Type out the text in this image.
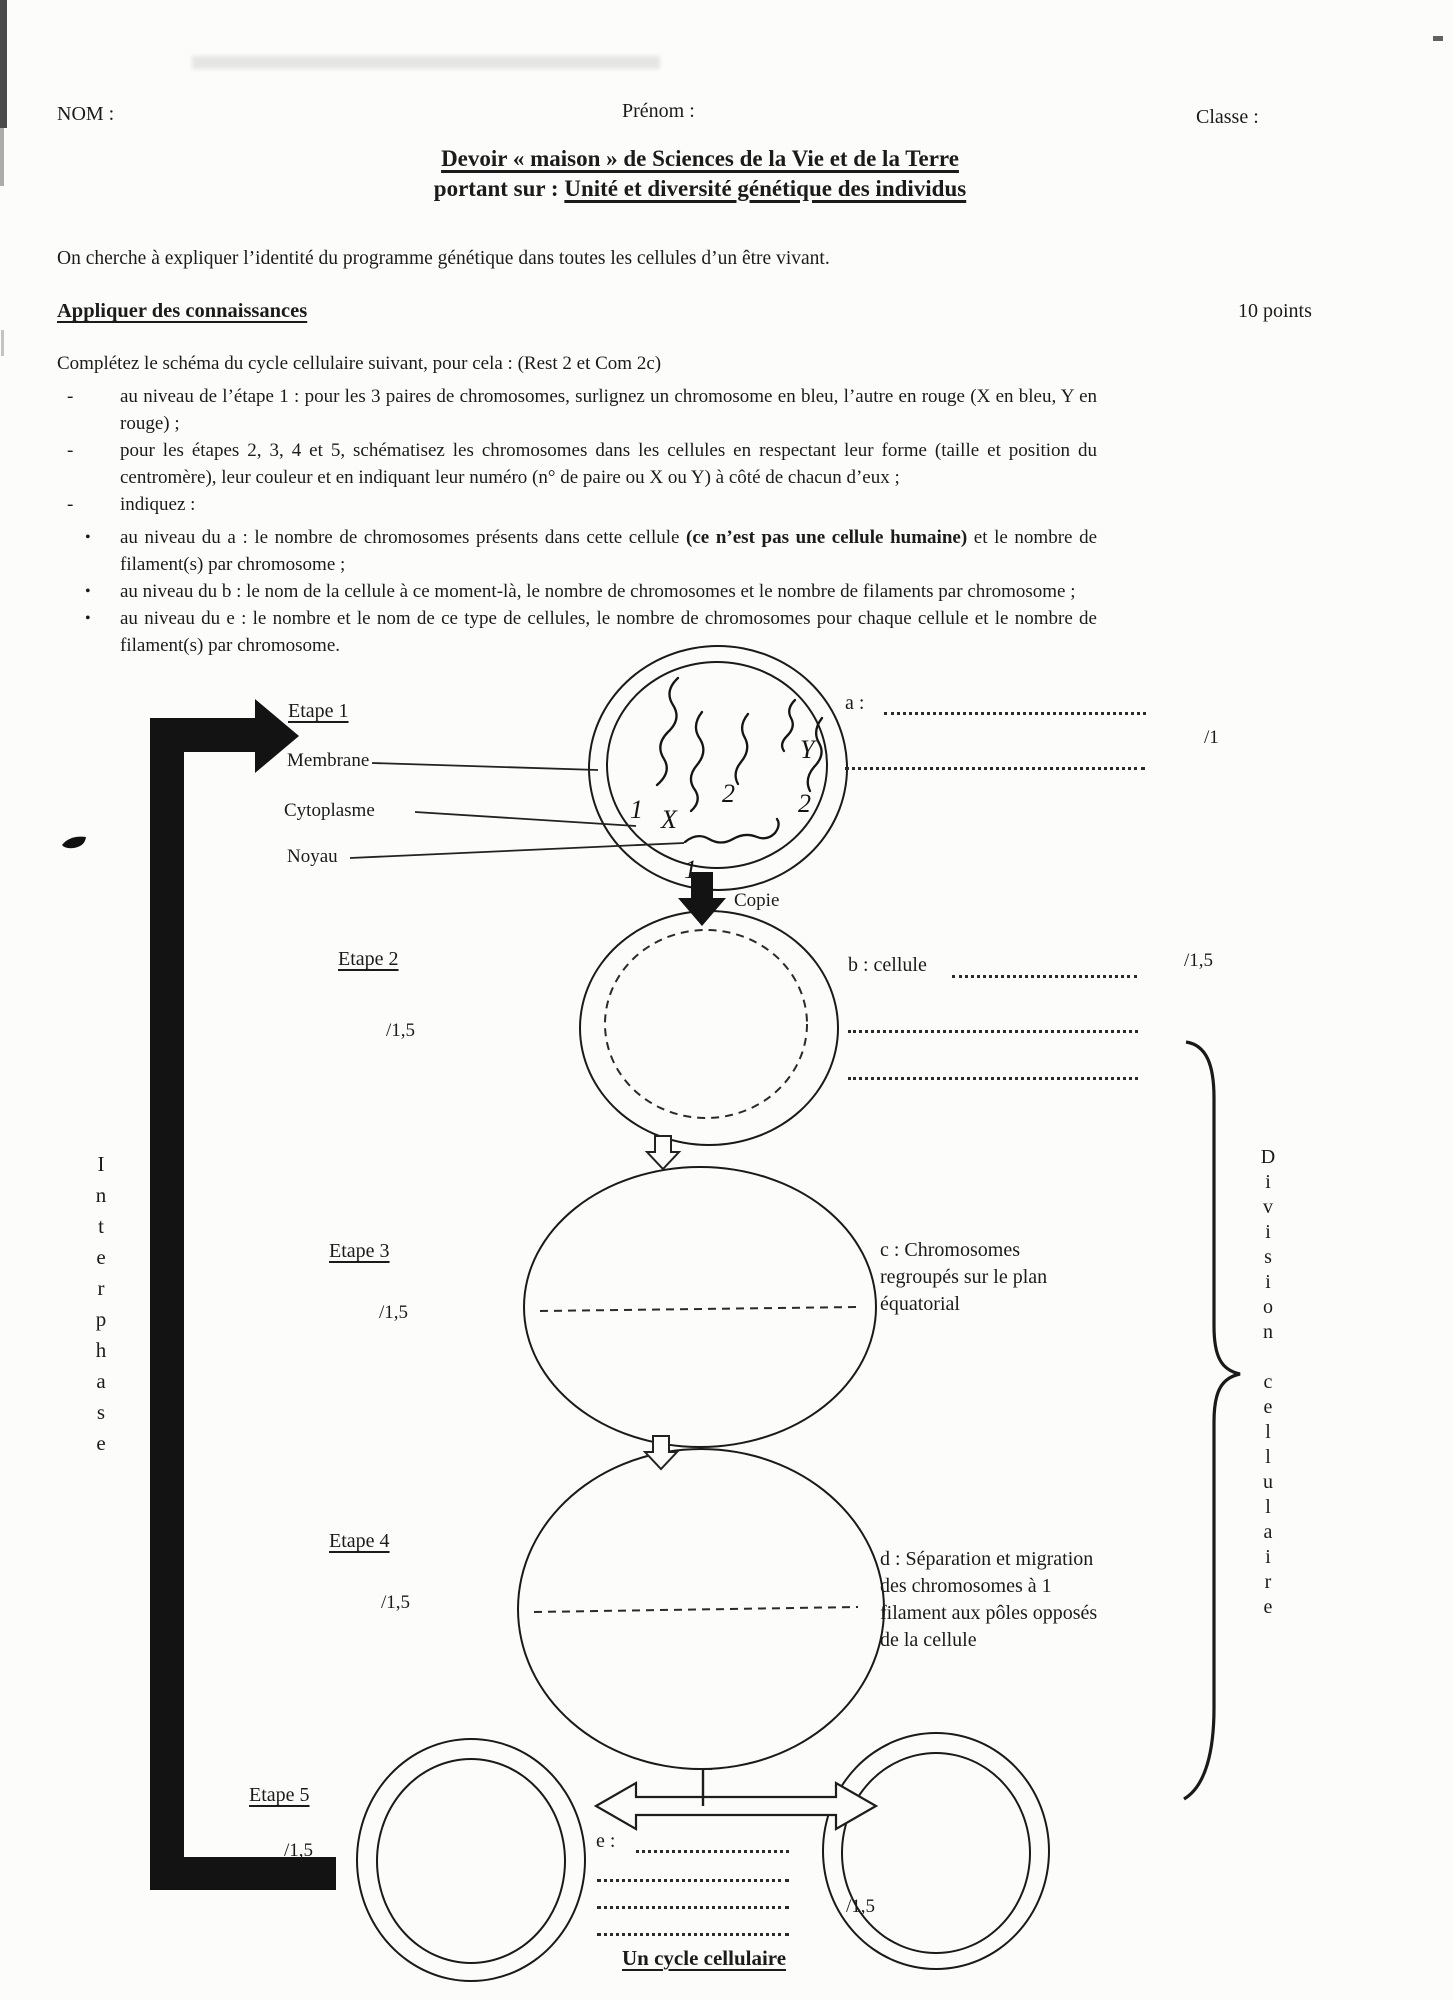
NOM :	Prénom :	Classe :
Devoir « maison » de Sciences de la Vie et de la Terre
portant sur : Unité et diversité génétique des individus
On cherche à expliquer l’identité du programme génétique dans toutes les cellules d’un être vivant.
Appliquer des connaissances	10 points
Complétez le schéma du cycle cellulaire suivant, pour cela : (Rest 2 et Com 2c)
- au niveau de l’étape 1 : pour les 3 paires de chromosomes, surlignez un chromosome en bleu, l’autre en rouge (X en bleu, Y en rouge) ;
- pour les étapes 2, 3, 4 et 5, schématisez les chromosomes dans les cellules en respectant leur forme (taille et position du centromère), leur couleur et en indiquant leur numéro (n° de paire ou X ou Y) à côté de chacun d’eux ;
- indiquez :
• au niveau du a : le nombre de chromosomes présents dans cette cellule (ce n’est pas une cellule humaine) et le nombre de filament(s) par chromosome ;
• au niveau du b : le nom de la cellule à ce moment-là, le nombre de chromosomes et le nombre de filaments par chromosome ;
• au niveau du e : le nombre et le nom de ce type de cellules, le nombre de chromosomes pour chaque cellule et le nombre de filament(s) par chromosome.
1 X
2
Y
2
1
Etape 1
Etape 2
Etape 3
Etape 4
Etape 5
Membrane
Cytoplasme
Noyau
Copie
a :
/1
/1,5
b : cellule	/1,5
/1,5
c : Chromosomes
regroupés sur le plan
équatorial
/1,5
d : Séparation et migration
des chromosomes à 1
filament aux pôles opposés
de la cellule
/1,5	e :
/1,5
Interphase	Division cellulaire
Un cycle cellulaire
